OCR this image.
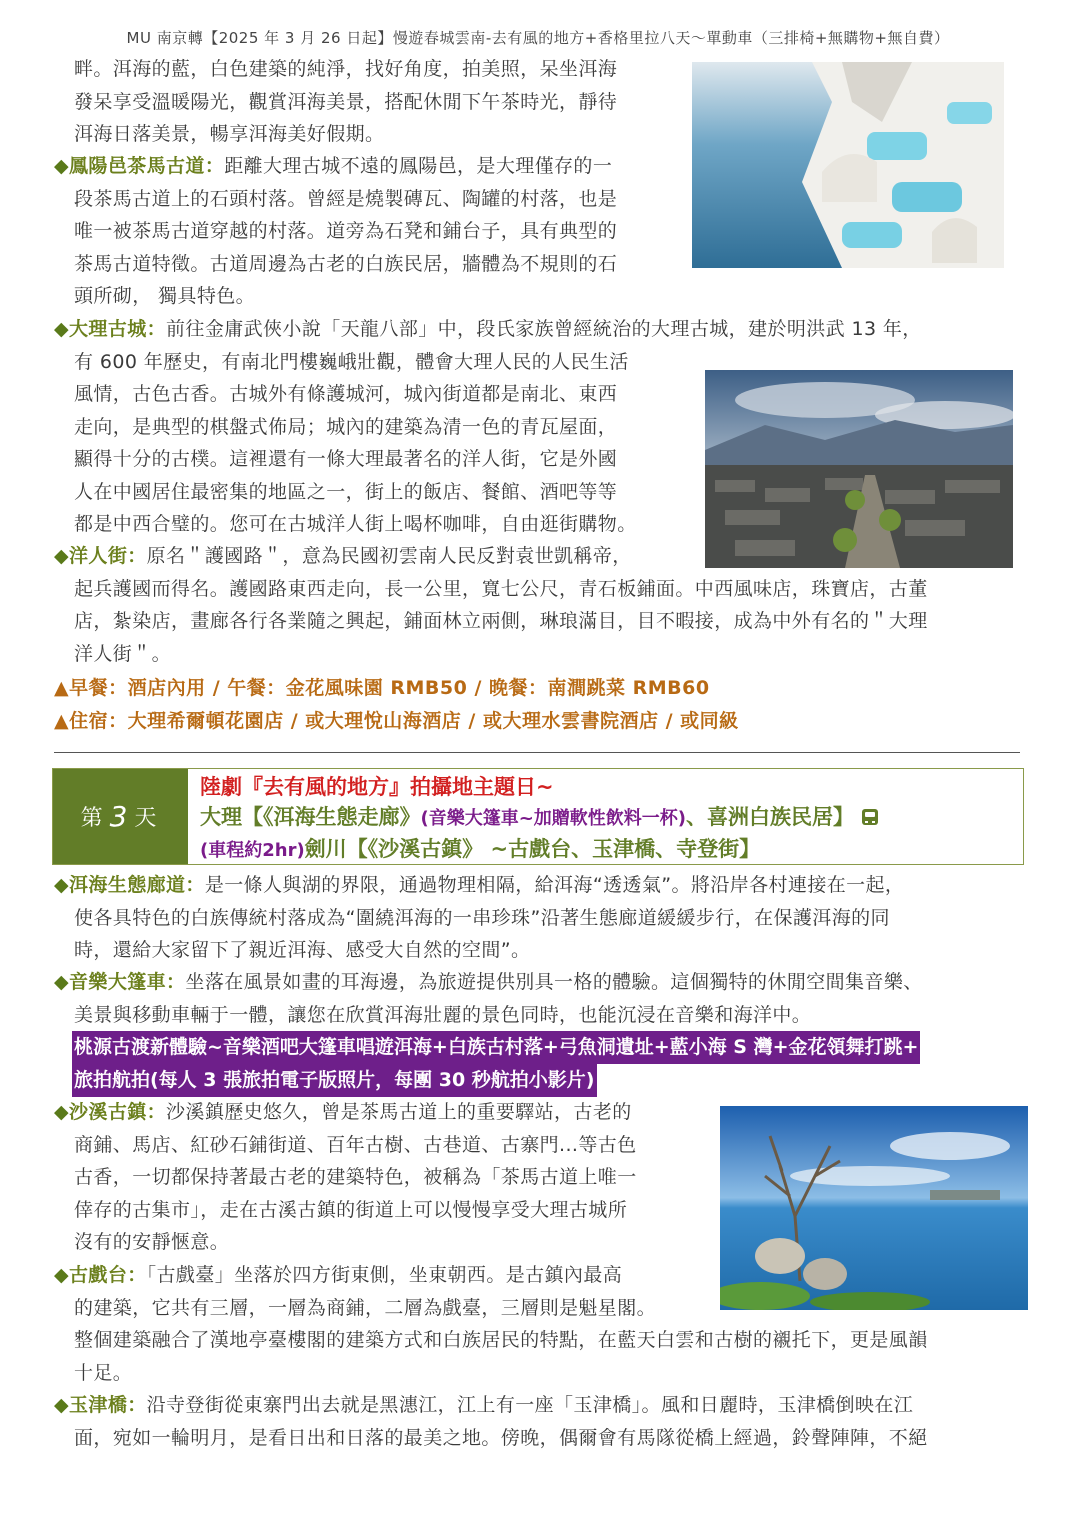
MU 南京轉【2025 年 3 月 26 日起】慢遊春城雲南-去有風的地方+香格里拉八天～單動車（三排椅+無購物+無自費）
畔。洱海的藍，白色建築的純淨，找好角度，拍美照，呆坐洱海
發呆享受溫暖陽光，觀賞洱海美景，搭配休閒下午茶時光，靜待
洱海日落美景，暢享洱海美好假期。
◆鳳陽邑茶馬古道：距離大理古城不遠的鳳陽邑，是大理僅存的一
段茶馬古道上的石頭村落。曾經是燒製磚瓦、陶罐的村落，也是
唯一被茶馬古道穿越的村落。道旁為石凳和鋪台子，具有典型的
茶馬古道特徵。古道周邊為古老的白族民居，牆體為不規則的石
頭所砌， 獨具特色。
◆大理古城：前往金庸武俠小說「天龍八部」中，段氏家族曾經統治的大理古城，建於明洪武 13 年，
有 600 年歷史，有南北門樓巍峨壯觀，體會大理人民的人民生活
風情，古色古香。古城外有條護城河，城內街道都是南北、東西
走向，是典型的棋盤式佈局；城內的建築為清一色的青瓦屋面，
顯得十分的古樸。這裡還有一條大理最著名的洋人街，它是外國
人在中國居住最密集的地區之一，街上的飯店、餐館、酒吧等等
都是中西合璧的。您可在古城洋人街上喝杯咖啡，自由逛街購物。
◆洋人街：原名＂護國路＂，意為民國初雲南人民反對袁世凱稱帝，
起兵護國而得名。護國路東西走向，長一公里，寬七公尺，青石板鋪面。中西風味店，珠寶店，古董
店，紮染店，畫廊各行各業隨之興起，鋪面林立兩側，琳琅滿目，目不暇接，成為中外有名的＂大理
洋人街＂。
▲早餐：酒店內用 / 午餐：金花風味園 RMB50 / 晚餐：南澗跳菜 RMB60
▲住宿：大理希爾頓花園店 / 或大理悅山海酒店 / 或大理水雲書院酒店 / 或同級
第 3 天
陸劇『去有風的地方』拍攝地主題日~
大理【《洱海生態走廊》(音樂大篷車~加贈軟性飲料一杯)、喜洲白族民居】
(車程約2hr)劍川【《沙溪古鎮》 ~古戲台、玉津橋、寺登街】
◆洱海生態廊道：是一條人與湖的界限，通過物理相隔，給洱海“透透氣”。將沿岸各村連接在一起，
使各具特色的白族傳統村落成為“圍繞洱海的一串珍珠”沿著生態廊道緩緩步行，在保護洱海的同
時，還給大家留下了親近洱海、感受大自然的空間”。
◆音樂大篷車：坐落在風景如畫的耳海邊，為旅遊提供別具一格的體驗。這個獨特的休閒空間集音樂、
美景與移動車輛于一體，讓您在欣賞洱海壯麗的景色同時，也能沉浸在音樂和海洋中。
桃源古渡新體驗~音樂酒吧大篷車唱遊洱海+白族古村落+弓魚洞遺址+藍小海 S 灣+金花領舞打跳+
旅拍航拍(每人 3 張旅拍電子版照片，每團 30 秒航拍小影片)
◆沙溪古鎮：沙溪鎮歷史悠久，曾是茶馬古道上的重要驛站，古老的
商鋪、馬店、紅砂石鋪街道、百年古樹、古巷道、古寨門...等古色
古香，一切都保持著最古老的建築特色，被稱為「茶馬古道上唯一
倖存的古集市」，走在古溪古鎮的街道上可以慢慢享受大理古城所
沒有的安靜愜意。
◆古戲台：「古戲臺」坐落於四方街東側，坐東朝西。是古鎮內最高
的建築，它共有三層，一層為商鋪，二層為戲臺，三層則是魁星閣。
整個建築融合了漢地亭臺樓閣的建築方式和白族居民的特點，在藍天白雲和古樹的襯托下，更是風韻
十足。
◆玉津橋：沿寺登街從東寨門出去就是黑潓江，江上有一座「玉津橋」。風和日麗時，玉津橋倒映在江
面，宛如一輪明月，是看日出和日落的最美之地。傍晚，偶爾會有馬隊從橋上經過，鈴聲陣陣，不絕
